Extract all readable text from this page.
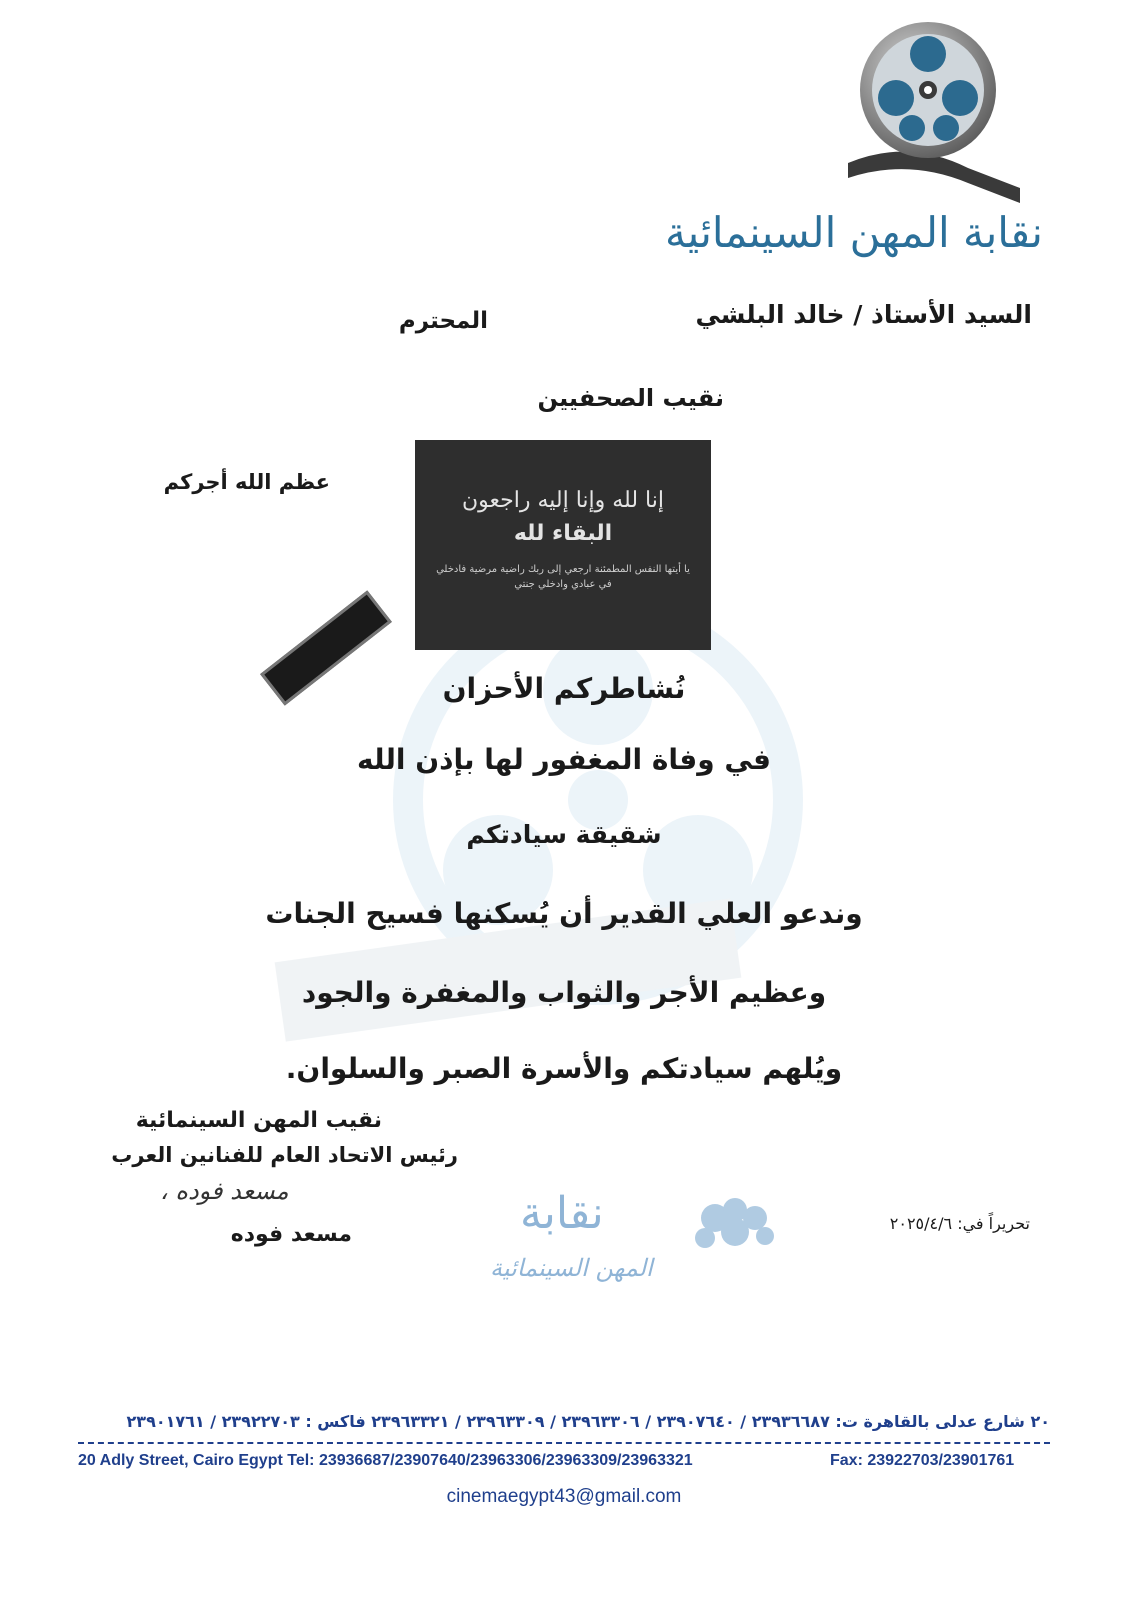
نقابة المهن السينمائية
السيد الأستاذ / خالد البلشي
المحترم
نقيب الصحفيين
عظم الله أجركم
إنا لله وإنا إليه راجعون
البقاء لله
يا أيتها النفس المطمئنة ارجعي إلى ربك راضية مرضية فادخلي في عبادي وادخلي جنتي
نُشاطركم الأحزان
في وفاة المغفور لها بإذن الله
شقيقة سيادتكم
وندعو العلي القدير أن يُسكنها فسيح الجنات
وعظيم الأجر والثواب والمغفرة والجود
ويُلهم سيادتكم والأسرة الصبر والسلوان.
نقيب المهن السينمائية
رئيس الاتحاد العام للفنانين العرب
مسعد فوده ،
مسعد فوده	نقابة
المهن السينمائية
تحريراً في: ٢٠٢٥/٤/٦
٢٠ شارع عدلى بالقاهرة ت: ٢٣٩٣٦٦٨٧ / ٢٣٩٠٧٦٤٠ / ٢٣٩٦٣٣٠٦ / ٢٣٩٦٣٣٠٩ / ٢٣٩٦٣٣٢١ فاكس : ٢٣٩٢٢٧٠٣ / ٢٣٩٠١٧٦١
20 Adly Street, Cairo Egypt Tel: 23936687/23907640/23963306/23963309/23963321	Fax: 23922703/23901761
cinemaegypt43@gmail.com
